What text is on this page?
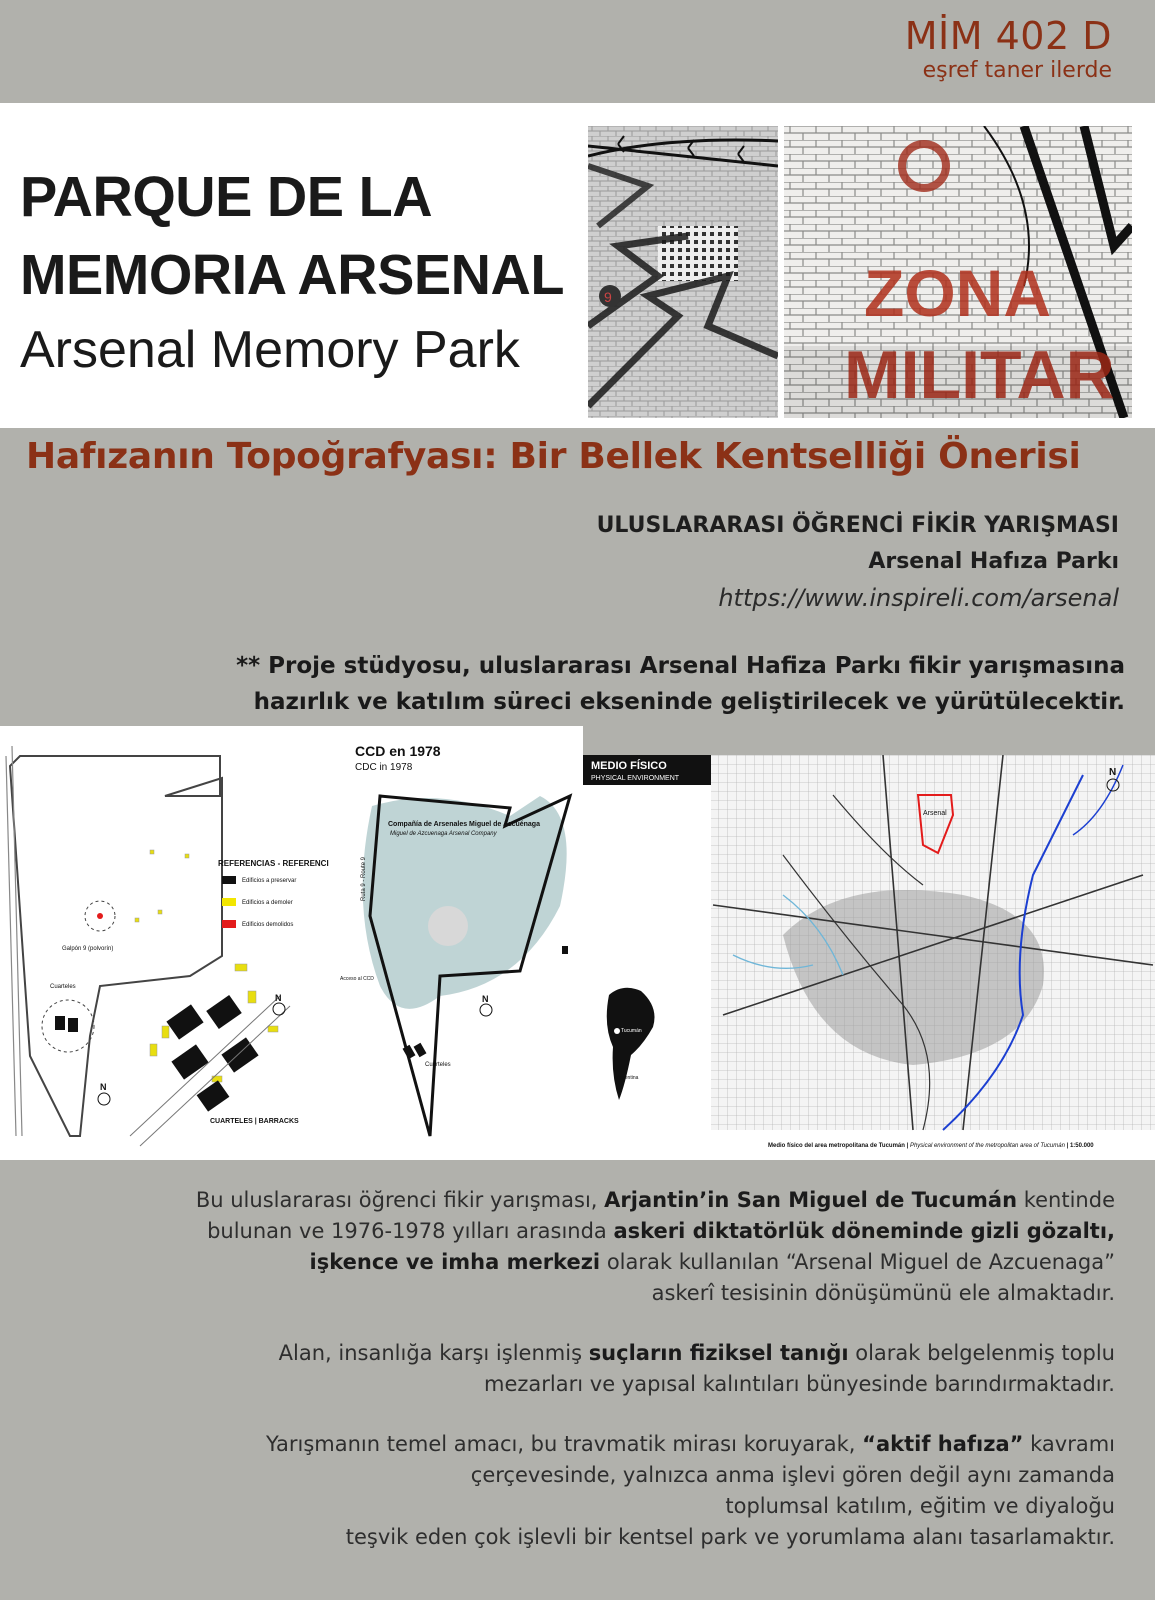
MİM 402 D
eşref taner ilerde
PARQUE DE LA
MEMORIA ARSENAL
Arsenal Memory Park
9	ZONA
MILITAR
Hafızanın Topoğrafyası: Bir Bellek Kentselliği Önerisi
ULUSLARARASI ÖĞRENCİ FİKİR YARIŞMASI
Arsenal Hafıza Parkı
https://www.inspireli.com/arsenal
** Proje stüdyosu, uluslararası Arsenal Hafiza Parkı fikir yarışmasına
hazırlık ve katılım süreci ekseninde geliştirilecek ve yürütülecektir.
Galpón 9 (polvorín)
Cuarteles
CUARTELES | BARRACKS
REFERENCIAS - REFERENCI
Edificios a preservar
Edificios a demoler
Edificios demolidos
N
N
CCD en 1978
CDC in 1978
Compañía de Arsenales Miguel de Azcuénaga
Miguel de Azcuenaga Arsenal Company
Ruta 9 - Route 9
Acceso al CCD
Cuarteles
N
MEDIO FÍSICO
PHYSICAL ENVIRONMENT
Arsenal
N
Tucumán
Argentina
Medio físico del area metropolitana de Tucumán | Physical environment of the metropolitan area of Tucumán | 1:50.000

Bu uluslararası öğrenci fikir yarışması, Arjantin’in San Miguel de Tucumán kentinde
bulunan ve 1976-1978 yılları arasında askeri diktatörlük döneminde gizli gözaltı,
işkence ve imha merkezi olarak kullanılan “Arsenal Miguel de Azcuenaga”
askerî tesisinin dönüşümünü ele almaktadır.

Alan, insanlığa karşı işlenmiş suçların fiziksel tanığı olarak belgelenmiş toplu
mezarları ve yapısal kalıntıları bünyesinde barındırmaktadır.

Yarışmanın temel amacı, bu travmatik mirası koruyarak, “aktif hafıza” kavramı
çerçevesinde, yalnızca anma işlevi gören değil aynı zamanda
toplumsal katılım, eğitim ve diyaloğu
teşvik eden çok işlevli bir kentsel park ve yorumlama alanı tasarlamaktır.
